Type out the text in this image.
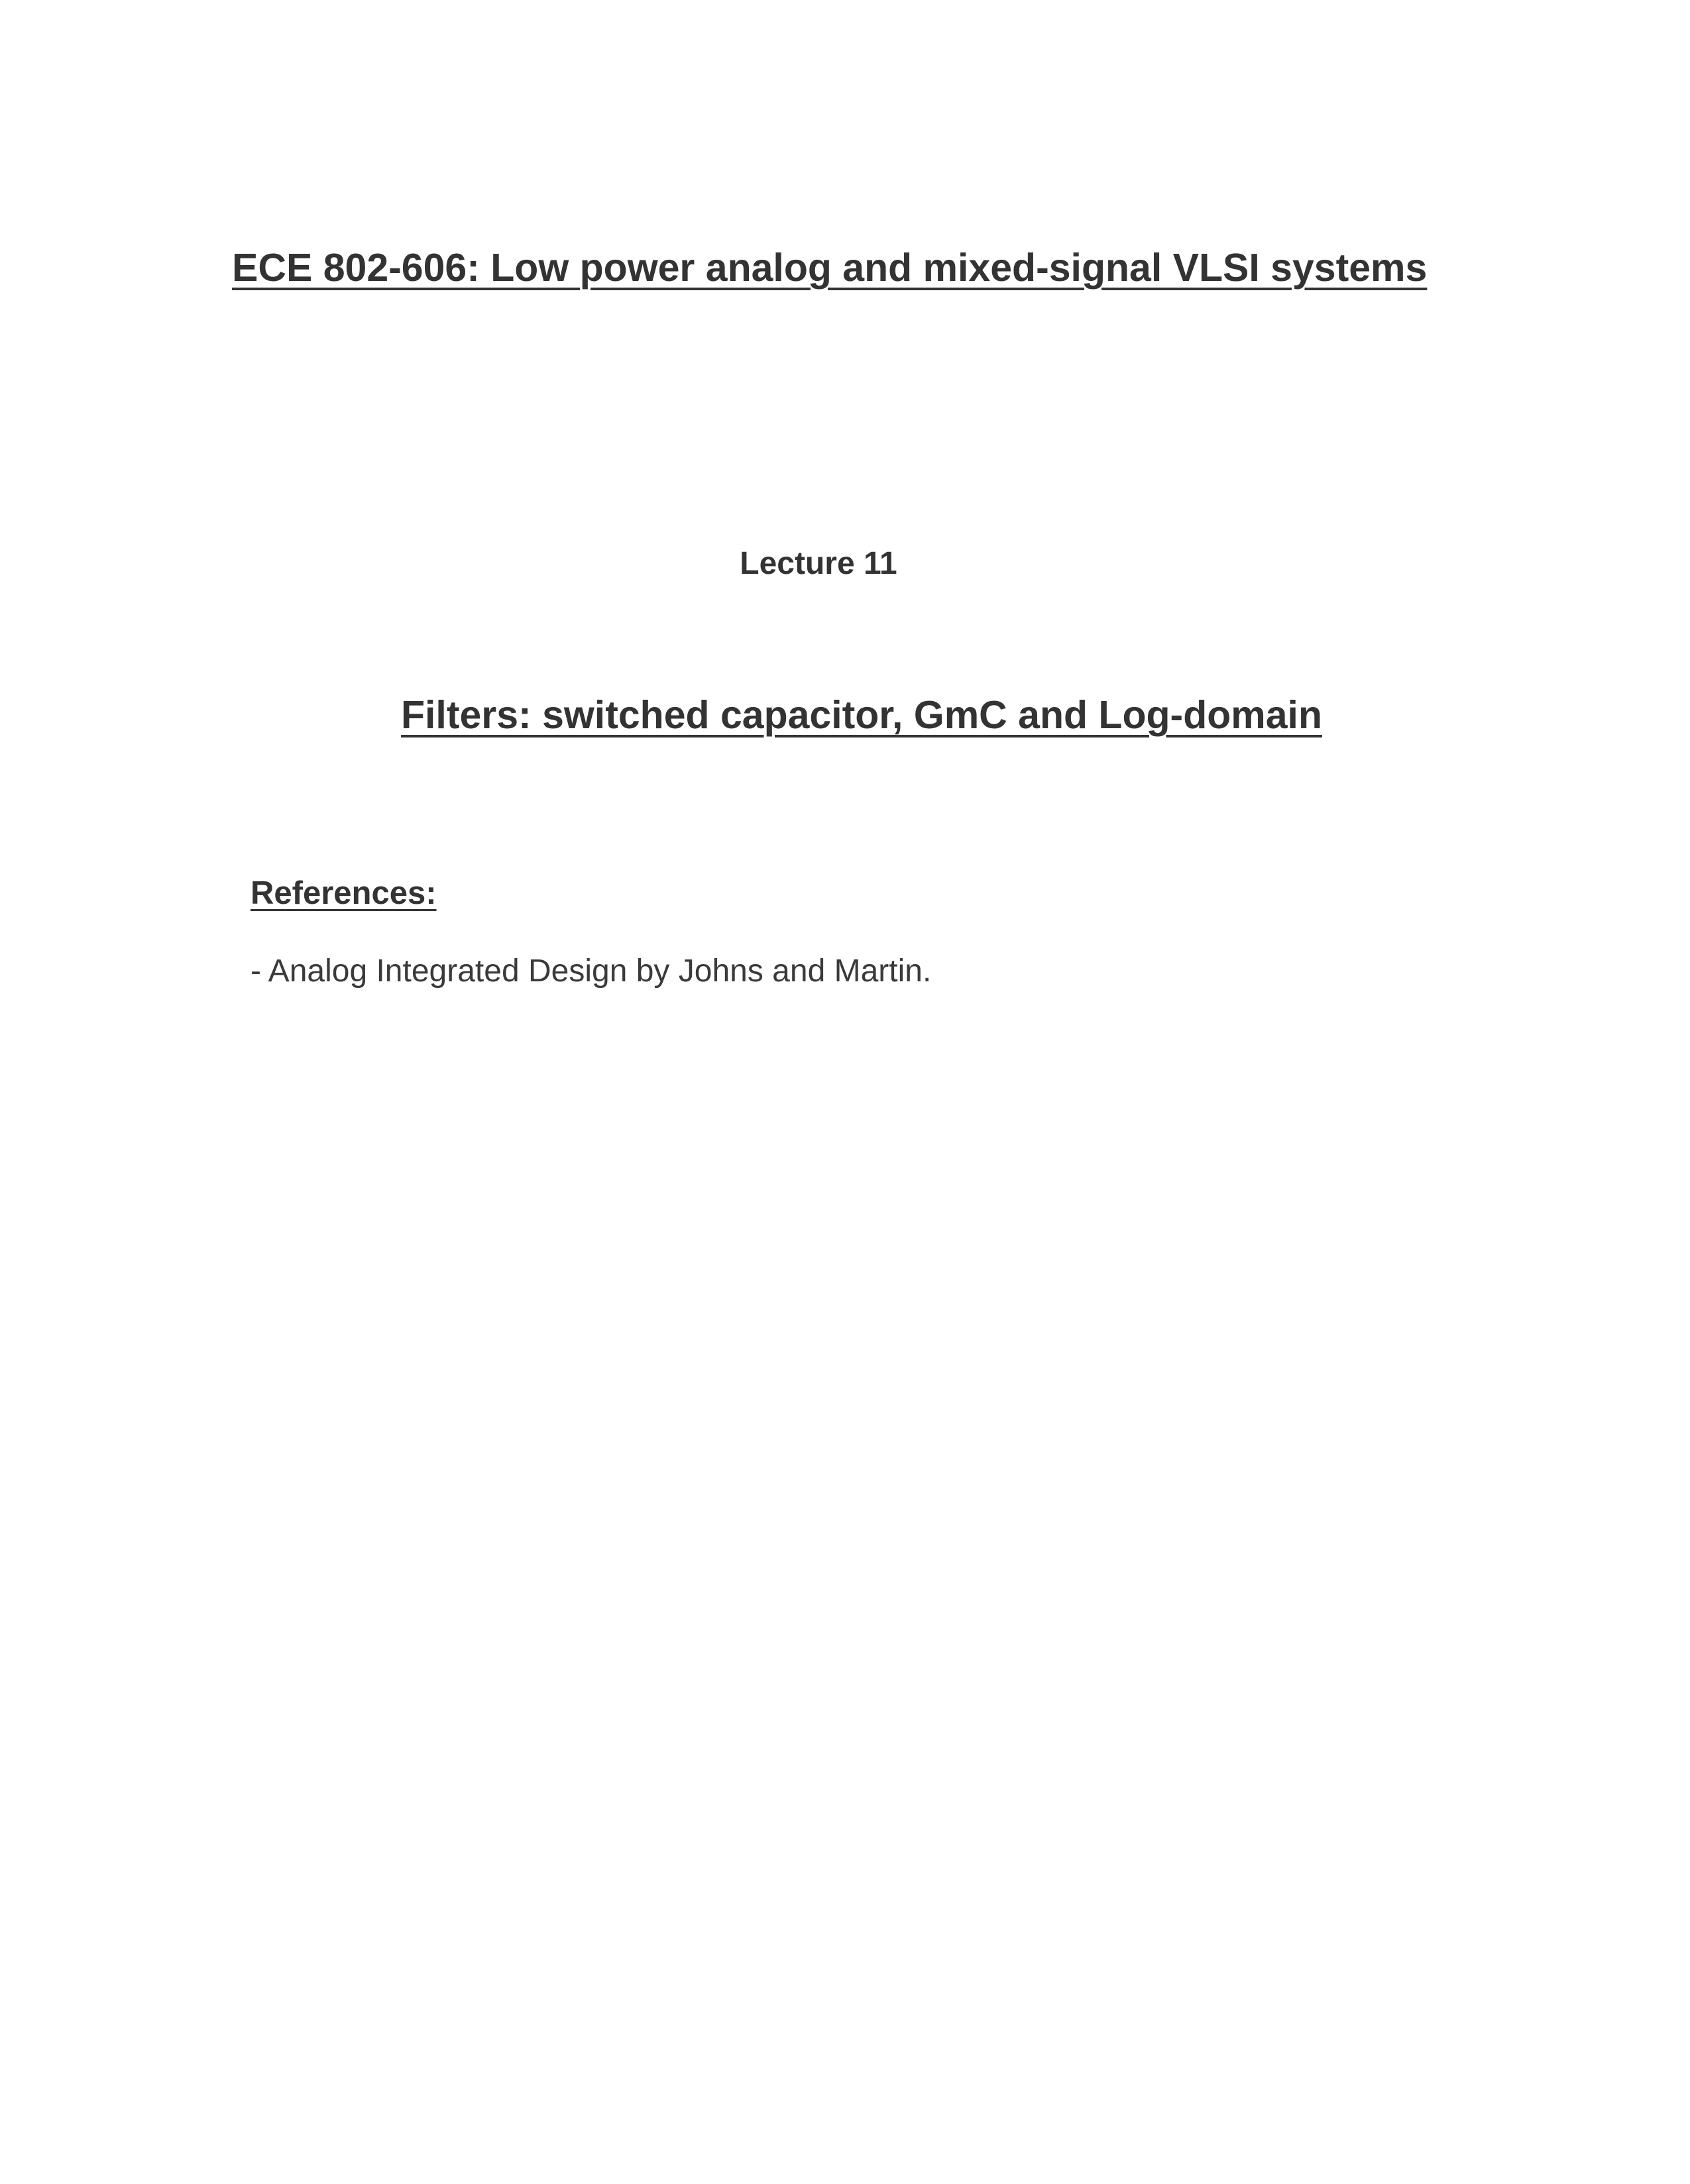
ECE 802-606: Low power analog and mixed-signal VLSI systems
Lecture 11
Filters: switched capacitor, GmC and Log-domain
References:
- Analog Integrated Design by Johns and Martin.
